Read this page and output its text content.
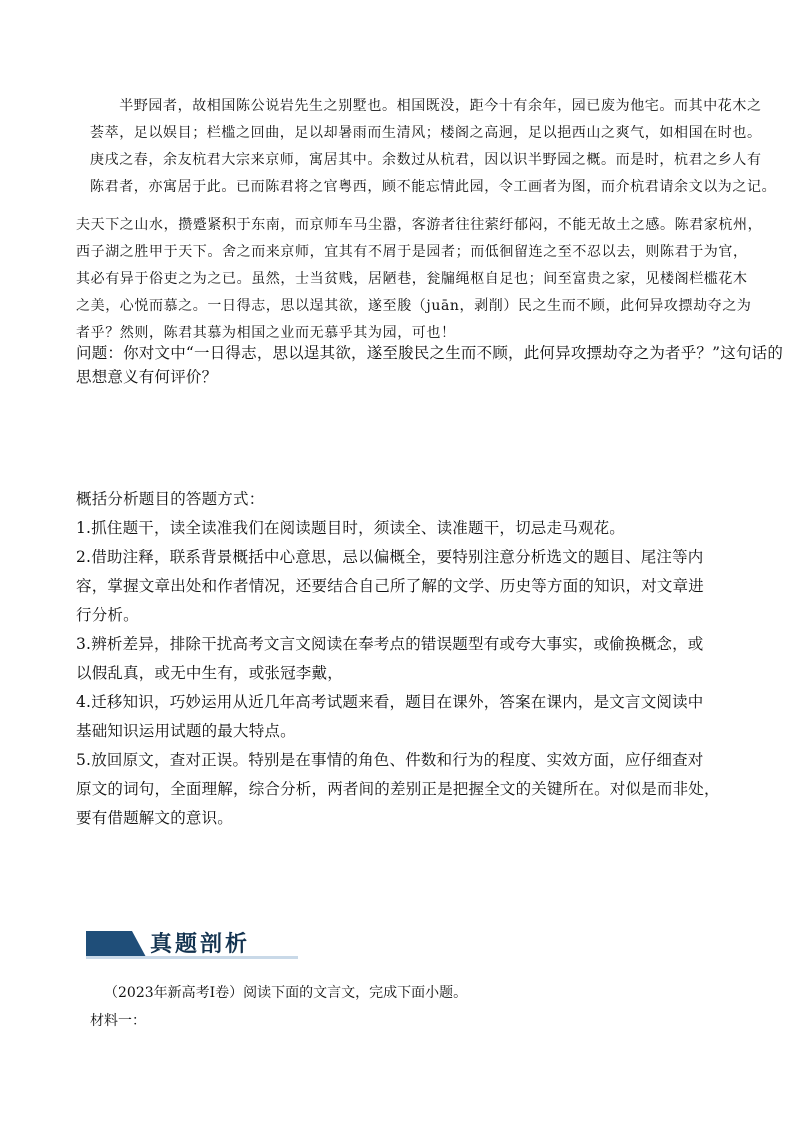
　　半野园者，故相国陈公说岩先生之别墅也。相国既没，距今十有余年，园已废为他宅。而其中花木之
荟萃，足以娱目；栏槛之回曲，足以却暑雨而生清风；楼阁之高迥，足以挹西山之爽气，如相国在时也。
庚戌之春，余友杭君大宗来京师，寓居其中。余数过从杭君，因以识半野园之概。而是时，杭君之乡人有
陈君者，亦寓居于此。已而陈君将之官粤西，顾不能忘情此园，令工画者为图，而介杭君请余文以为之记。
夫天下之山水，攒蹙紧积于东南，而京师车马尘嚣，客游者往往萦纡郁闷，不能无故土之感。陈君家杭州，
西子湖之胜甲于天下。舍之而来京师，宜其有不屑于是园者；而低徊留连之至不忍以去，则陈君于为官，
其必有异于俗吏之为之已。虽然，士当贫贱，居陋巷，瓮牖绳枢自足也；间至富贵之家，见楼阁栏槛花木
之美，心悦而慕之。一日得志，思以逞其欲，遂至朘（juān，剥削）民之生而不顾，此何异攻摽劫夺之为
者乎？然则，陈君其慕为相国之业而无慕乎其为园，可也！
问题：你对文中“一日得志，思以逞其欲，遂至朘民之生而不顾，此何异攻摽劫夺之为者乎？”这句话的
思想意义有何评价？
概括分析题目的答题方式：
1.抓住题干，读全读准我们在阅读题目时，须读全、读准题干，切忌走马观花。
2.借助注释，联系背景概括中心意思，忌以偏概全，要特别注意分析选文的题目、尾注等内
容，掌握文章出处和作者情况，还要结合自己所了解的文学、历史等方面的知识，对文章进
行分析。
3.辨析差异，排除干扰高考文言文阅读在奉考点的错误题型有或夸大事实，或偷换概念，或
以假乱真，或无中生有，或张冠李戴，
4.迁移知识，巧妙运用从近几年高考试题来看，题目在课外，答案在课内，是文言文阅读中
基础知识运用试题的最大特点。
5.放回原文，查对正误。特别是在事情的角色、件数和行为的程度、实效方面，应仔细查对
原文的词句，全面理解，综合分析，两者间的差别正是把握全文的关键所在。对似是而非处，
要有借题解文的意识。
真题剖析
（2023年新高考Ⅰ卷）阅读下面的文言文，完成下面小题。
材料一：
